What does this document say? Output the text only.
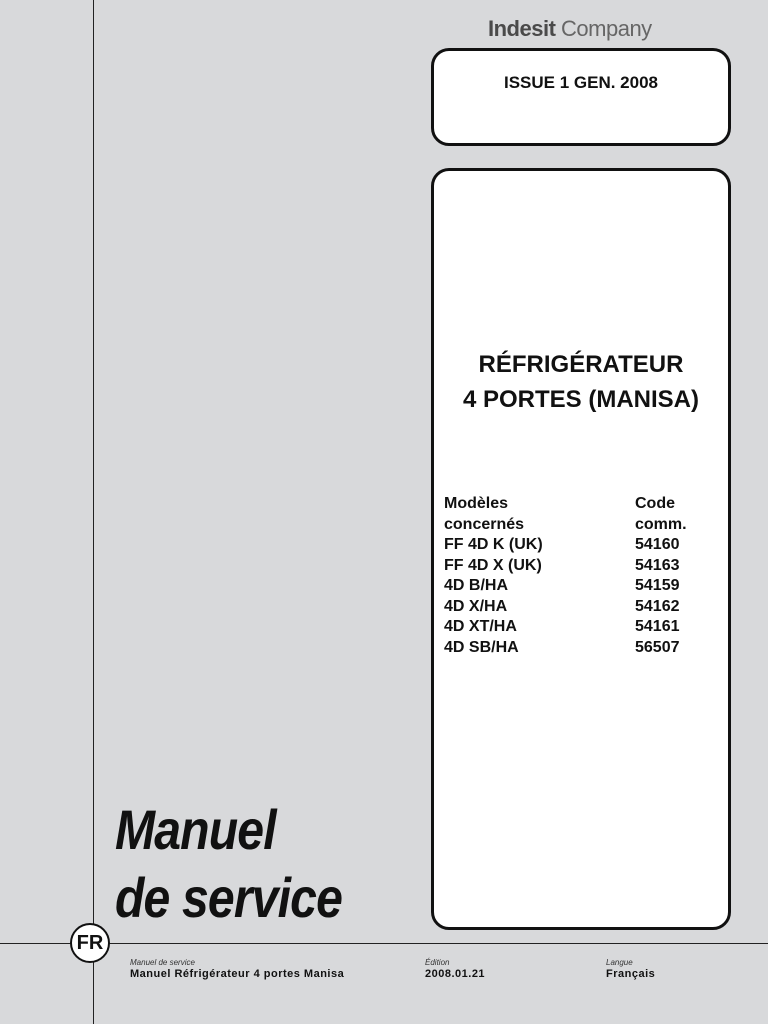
Indesit Company
ISSUE 1 GEN. 2008
RÉFRIGÉRATEUR
4 PORTES (MANISA)
Modèles	Code
concernés	comm.
FF 4D K (UK)	54160
FF 4D X (UK)	54163
4D B/HA	54159
4D X/HA	54162
4D XT/HA	54161
4D SB/HA	56507
Manuel
de service
FR
Manuel de service
Manuel Réfrigérateur 4 portes Manisa
Édition
2008.01.21
Langue
Français
